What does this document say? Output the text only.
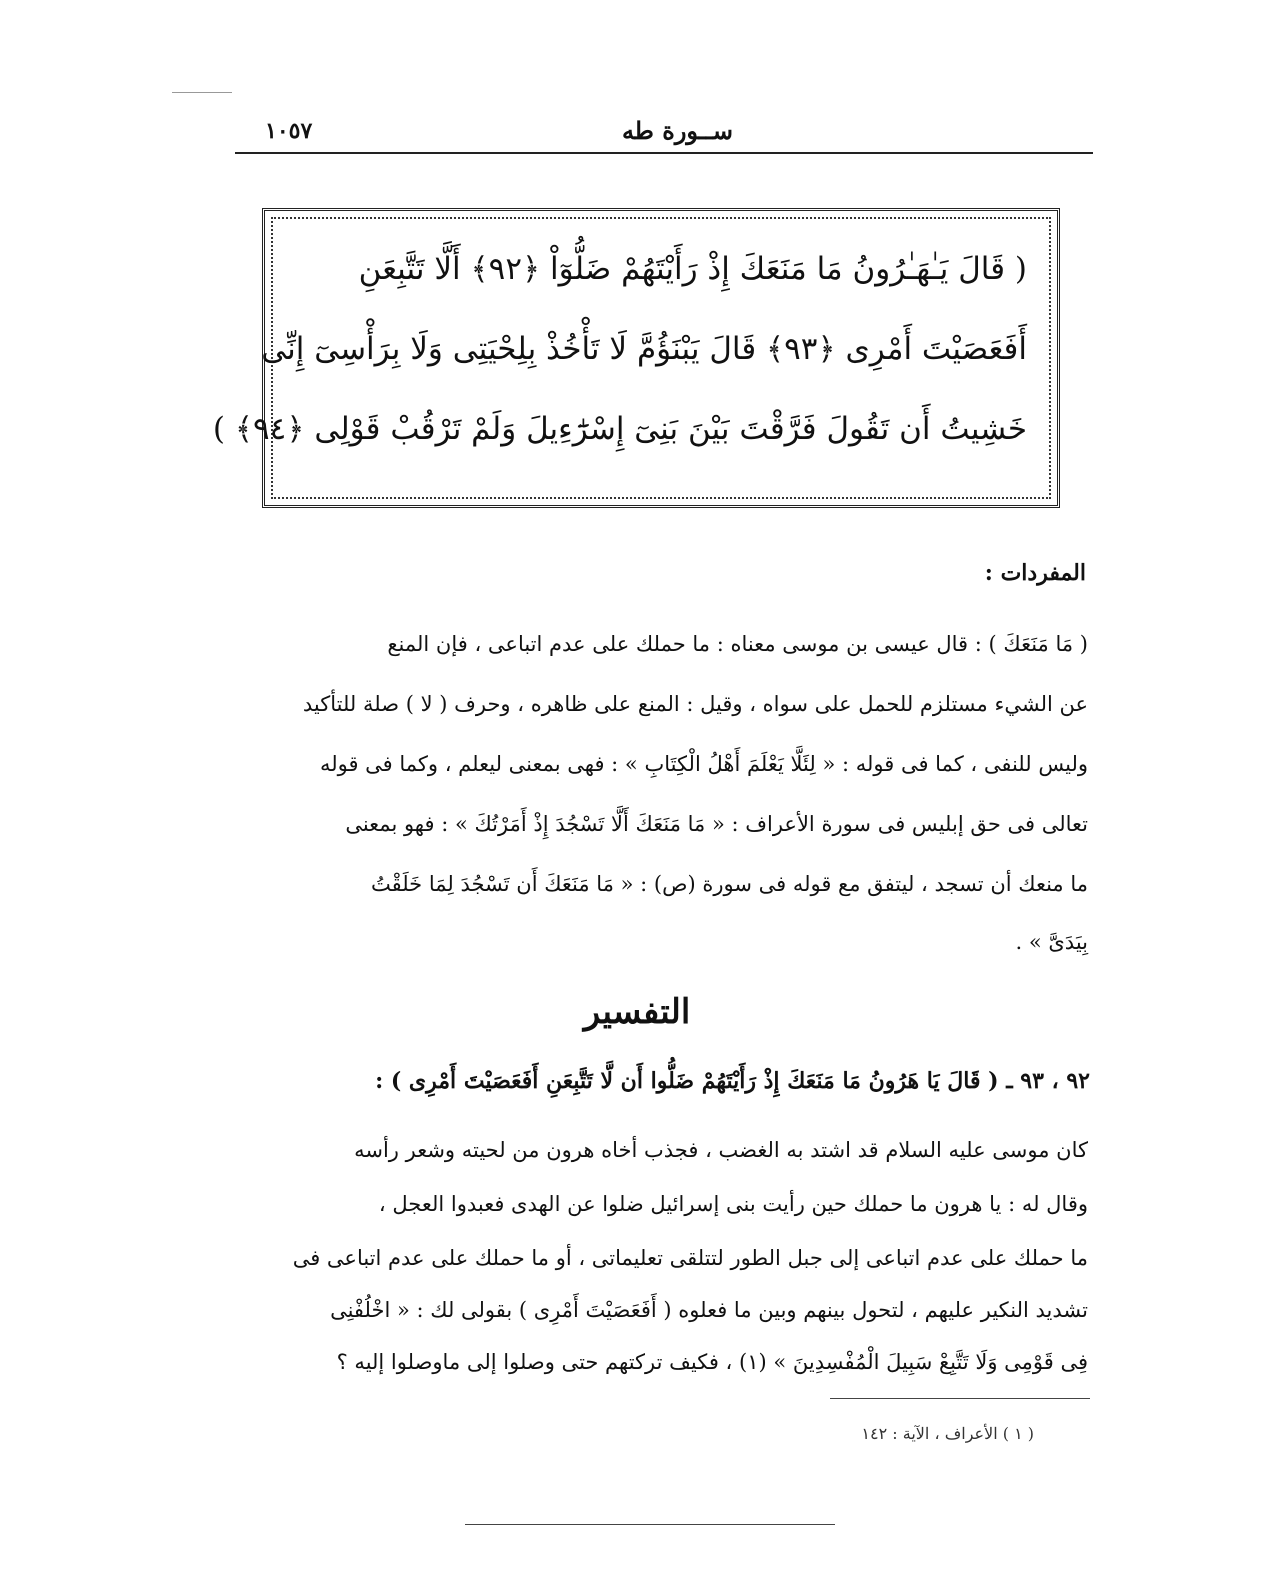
ســورة طه
١٠٥٧
( قَالَ يَـٰهَـٰرُونُ مَا مَنَعَكَ إِذْ رَأَيْتَهُمْ ضَلُّوٓاْ ﴿٩٢﴾ أَلَّا تَتَّبِعَنِ
أَفَعَصَيْتَ أَمْرِى ﴿٩٣﴾ قَالَ يَبْنَؤُمَّ لَا تَأْخُذْ بِلِحْيَتِى وَلَا بِرَأْسِىٓ إِنِّى
خَشِيتُ أَن تَقُولَ فَرَّقْتَ بَيْنَ بَنِىٓ إِسْرَٰٓءِيلَ وَلَمْ تَرْقُبْ قَوْلِى ﴿٩٤﴾ )
المفردات :
( مَا مَنَعَكَ ) : قال عيسى بن موسى معناه : ما حملك على عدم اتباعى ، فإن المنع
عن الشيء مستلزم للحمل على سواه ، وقيل : المنع على ظاهره ، وحرف ( لا ) صلة للتأكيد
وليس للنفى ، كما فى قوله : « لِئَلَّا يَعْلَمَ أَهْلُ الْكِتَابِ » : فهى بمعنى ليعلم ، وكما فى قوله
تعالى فى حق إبليس فى سورة الأعراف : « مَا مَنَعَكَ أَلَّا تَسْجُدَ إِذْ أَمَرْتُكَ » : فهو بمعنى
ما منعك أن تسجد ، ليتفق مع قوله فى سورة (ص) : « مَا مَنَعَكَ أَن تَسْجُدَ لِمَا خَلَقْتُ
بِيَدَىَّ » .
التفسير
٩٢ ، ٩٣ ـ ( قَالَ يَا هَرُونُ مَا مَنَعَكَ إِذْ رَأَيْتَهُمْ ضَلُّوا أَن لَّا تَتَّبِعَنِ أَفَعَصَيْتَ أَمْرِى ) :
كان موسى عليه السلام قد اشتد به الغضب ، فجذب أخاه هرون من لحيته وشعر رأسه
وقال له : يا هرون ما حملك حين رأيت بنى إسرائيل ضلوا عن الهدى فعبدوا العجل ،
ما حملك على عدم اتباعى إلى جبل الطور لتتلقى تعليماتى ، أو ما حملك على عدم اتباعى فى
تشديد النكير عليهم ، لتحول بينهم وبين ما فعلوه ( أَفَعَصَيْتَ أَمْرِى ) بقولى لك : « اخْلُفْنِى
فِى قَوْمِى وَلَا تَتَّبِعْ سَبِيلَ الْمُفْسِدِينَ » (١) ، فكيف تركتهم حتى وصلوا إلى ماوصلوا إليه ؟
( ١ ) الأعراف ، الآية : ١٤٢
